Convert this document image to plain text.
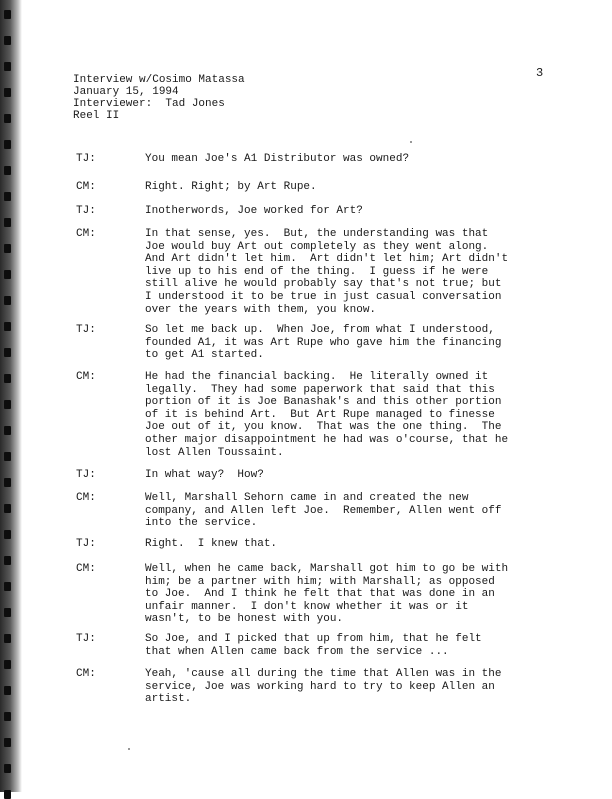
Interview w/Cosimo Matassa
January 15, 1994
Interviewer:  Tad Jones
Reel II
3
TJ:	You mean Joe's A1 Distributor was owned?
CM:	Right. Right; by Art Rupe.
TJ:	Inotherwords, Joe worked for Art?
CM:	In that sense, yes.  But, the understanding was that
Joe would buy Art out completely as they went along.
And Art didn't let him.  Art didn't let him; Art didn't
live up to his end of the thing.  I guess if he were
still alive he would probably say that's not true; but
I understood it to be true in just casual conversation
over the years with them, you know.
TJ:	So let me back up.  When Joe, from what I understood,
founded A1, it was Art Rupe who gave him the financing
to get A1 started.
CM:	He had the financial backing.  He literally owned it
legally.  They had some paperwork that said that this
portion of it is Joe Banashak's and this other portion
of it is behind Art.  But Art Rupe managed to finesse
Joe out of it, you know.  That was the one thing.  The
other major disappointment he had was o'course, that he
lost Allen Toussaint.
TJ:	In what way?  How?
CM:	Well, Marshall Sehorn came in and created the new
company, and Allen left Joe.  Remember, Allen went off
into the service.
TJ:	Right.  I knew that.
CM:	Well, when he came back, Marshall got him to go be with
him; be a partner with him; with Marshall; as opposed
to Joe.  And I think he felt that that was done in an
unfair manner.  I don't know whether it was or it
wasn't, to be honest with you.
TJ:	So Joe, and I picked that up from him, that he felt
that when Allen came back from the service ...
CM:	Yeah, 'cause all during the time that Allen was in the
service, Joe was working hard to try to keep Allen an
artist.
